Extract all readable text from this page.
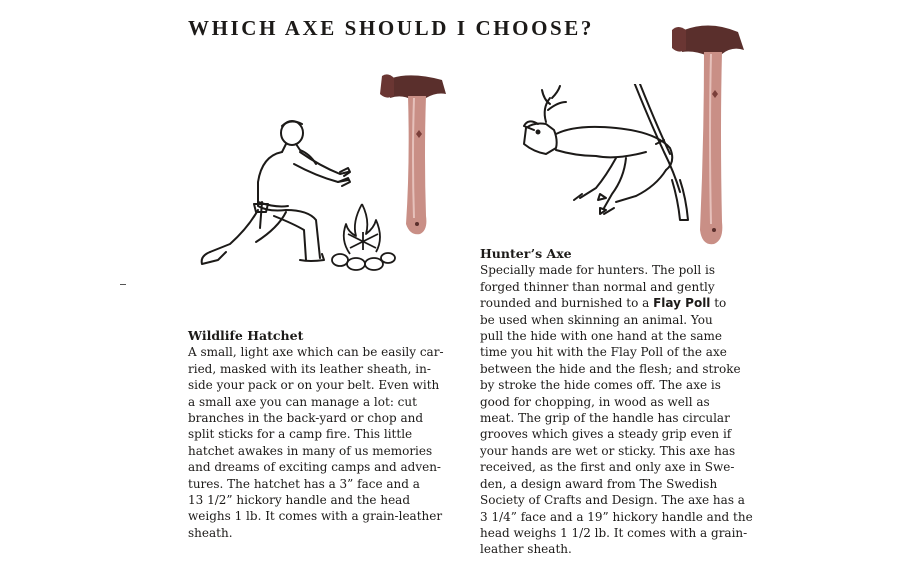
WHICH AXE SHOULD I CHOOSE?
Wildlife Hatchet
A small, light axe which can be easily car-
ried, masked with its leather sheath, in-
side your pack or on your belt. Even with
a small axe you can manage a lot: cut
branches in the back-yard or chop and
split sticks for a camp fire. This little
hatchet awakes in many of us memories
and dreams of exciting camps and adven-
tures. The hatchet has a 3” face and a
13 1/2” hickory handle and the head
weighs 1 lb. It comes with a grain-leather
sheath.
Hunter’s Axe
Specially made for hunters. The poll is
forged thinner than normal and gently
rounded and burnished to a Flay Poll to
be used when skinning an animal. You
pull the hide with one hand at the same
time you hit with the Flay Poll of the axe
between the hide and the flesh; and stroke
by stroke the hide comes off. The axe is
good for chopping, in wood as well as
meat. The grip of the handle has circular
grooves which gives a steady grip even if
your hands are wet or sticky. This axe has
received, as the first and only axe in Swe-
den, a design award from The Swedish
Society of Crafts and Design. The axe has a
3 1/4” face and a 19” hickory handle and the
head weighs 1 1/2 lb. It comes with a grain-
leather sheath.
